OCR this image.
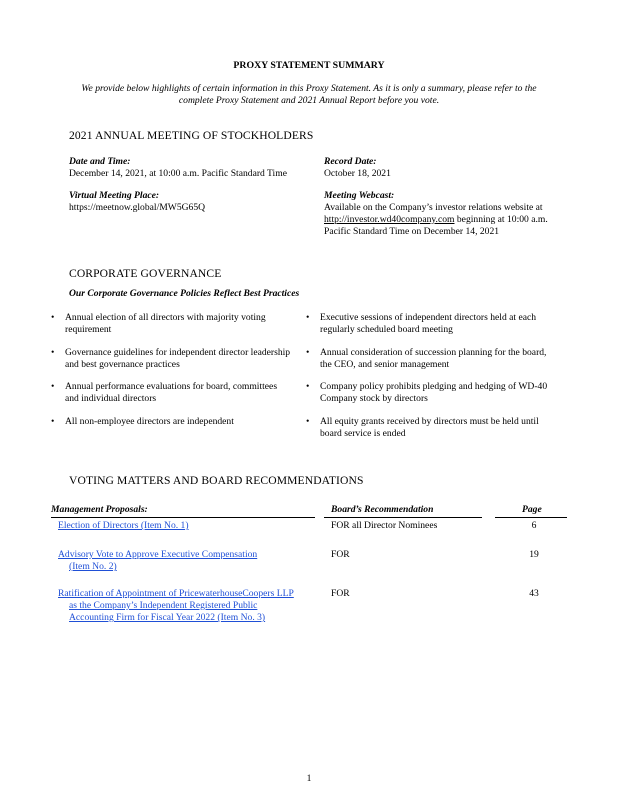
PROXY STATEMENT SUMMARY
We provide below highlights of certain information in this Proxy Statement. As it is only a summary, please refer to the
complete Proxy Statement and 2021 Annual Report before you vote.
2021 ANNUAL MEETING OF STOCKHOLDERS
Date and Time:
December 14, 2021, at 10:00 a.m. Pacific Standard Time
Record Date:
October 18, 2021
Virtual Meeting Place:
https://meetnow.global/MW5G65Q
Meeting Webcast:
Available on the Company’s investor relations website at
http://investor.wd40company.com beginning at 10:00 a.m.
Pacific Standard Time on December 14, 2021
CORPORATE GOVERNANCE
Our Corporate Governance Policies Reflect Best Practices
• Annual election of all directors with majority voting
requirement
• Governance guidelines for independent director leadership
and best governance practices
• Annual performance evaluations for board, committees
and individual directors
• All non-employee directors are independent
• Executive sessions of independent directors held at each
regularly scheduled board meeting
• Annual consideration of succession planning for the board,
the CEO, and senior management
• Company policy prohibits pledging and hedging of WD-40
Company stock by directors
• All equity grants received by directors must be held until
board service is ended
VOTING MATTERS AND BOARD RECOMMENDATIONS
Management Proposals:	Board’s Recommendation	Page
Election of Directors (Item No. 1)	FOR all Director Nominees	6
Advisory Vote to Approve Executive Compensation
(Item No. 2)
FOR	19
Ratification of Appointment of PricewaterhouseCoopers LLP
as the Company’s Independent Registered Public
Accounting Firm for Fiscal Year 2022 (Item No. 3)
FOR	43
1
